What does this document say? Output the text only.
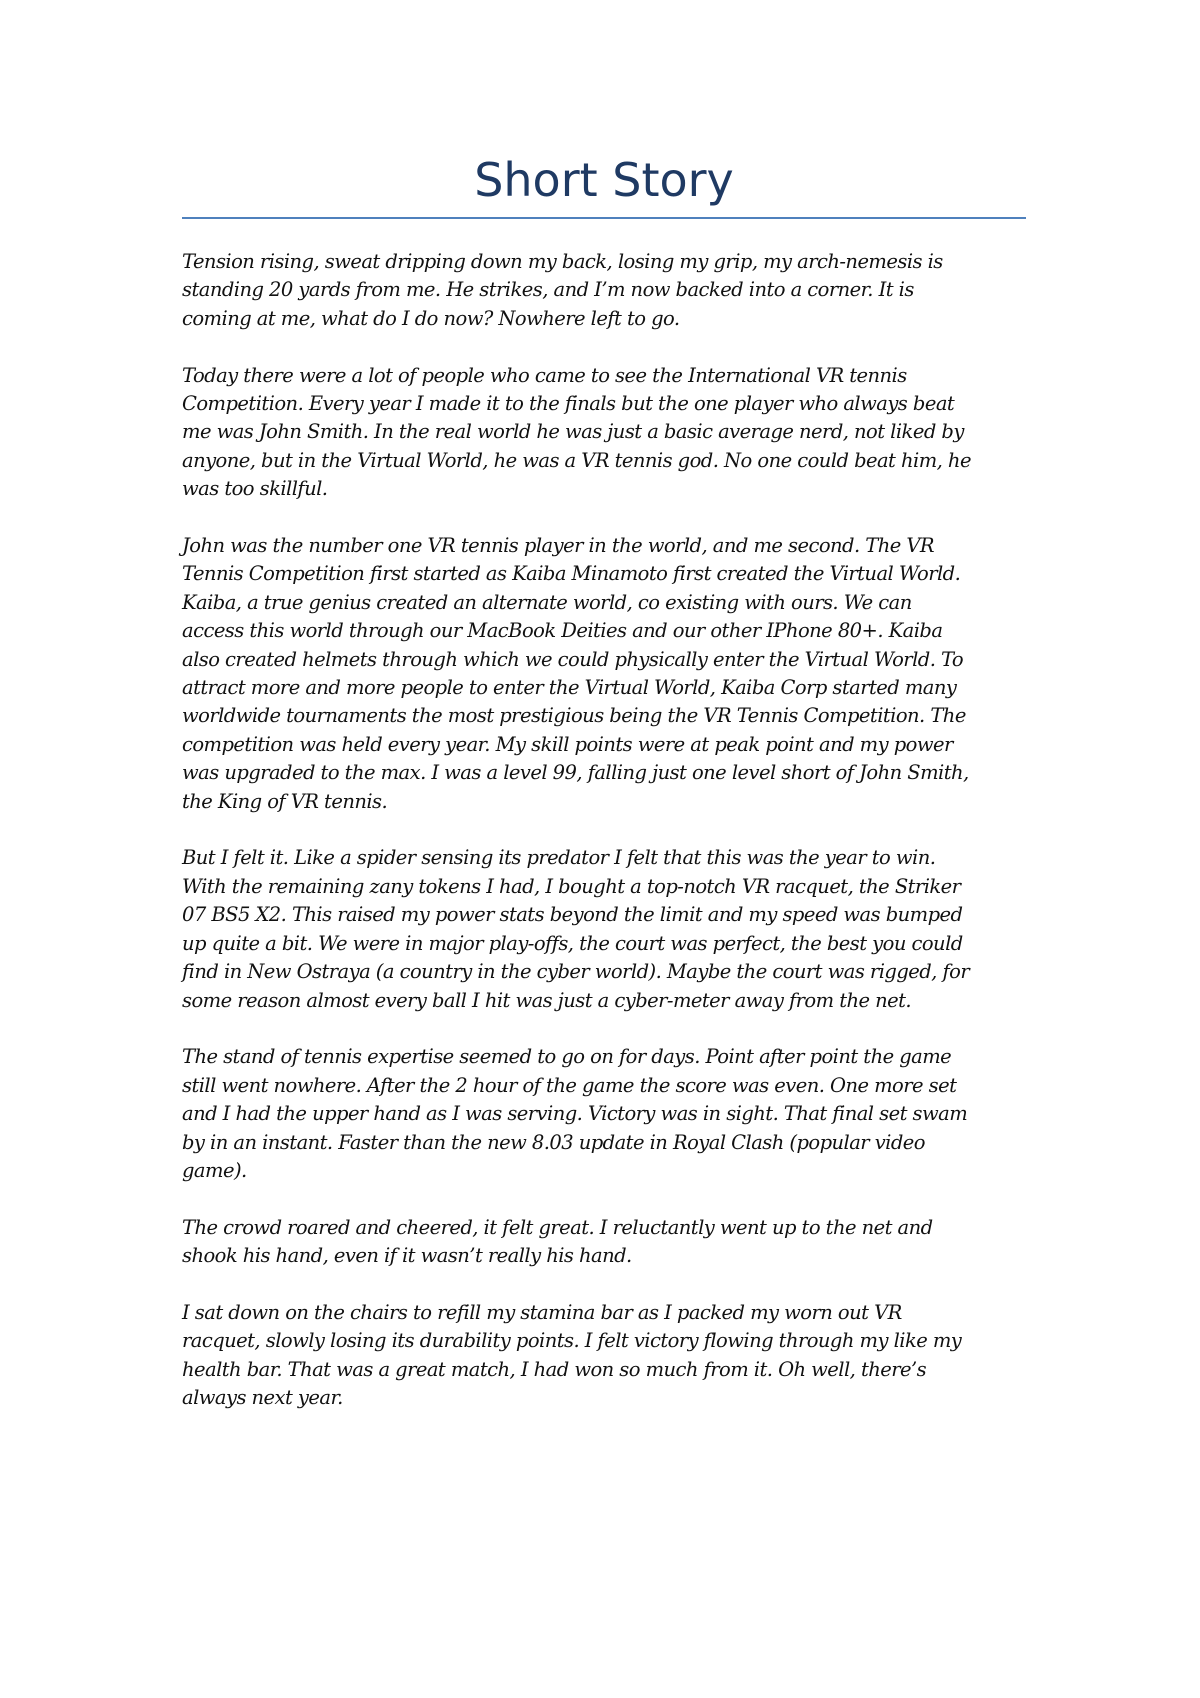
Short Story

Tension rising, sweat dripping down my back, losing my grip, my arch-nemesis is
standing 20 yards from me. He strikes, and I’m now backed into a corner. It is
coming at me, what do I do now? Nowhere left to go.

Today there were a lot of people who came to see the International VR tennis
Competition. Every year I made it to the finals but the one player who always beat
me was John Smith. In the real world he was just a basic average nerd, not liked by
anyone, but in the Virtual World, he was a VR tennis god. No one could beat him, he
was too skillful.

John was the number one VR tennis player in the world, and me second. The VR
Tennis Competition first started as Kaiba Minamoto first created the Virtual World.
Kaiba, a true genius created an alternate world, co existing with ours. We can
access this world through our MacBook Deities and our other IPhone 80+. Kaiba
also created helmets through which we could physically enter the Virtual World. To
attract more and more people to enter the Virtual World, Kaiba Corp started many
worldwide tournaments the most prestigious being the VR Tennis Competition. The
competition was held every year. My skill points were at peak point and my power
was upgraded to the max. I was a level 99, falling just one level short of John Smith,
the King of VR tennis.

But I felt it. Like a spider sensing its predator I felt that this was the year to win.
With the remaining zany tokens I had, I bought a top-notch VR racquet, the Striker
07 BS5 X2. This raised my power stats beyond the limit and my speed was bumped
up quite a bit. We were in major play-offs, the court was perfect, the best you could
find in New Ostraya (a country in the cyber world). Maybe the court was rigged, for
some reason almost every ball I hit was just a cyber-meter away from the net.

The stand of tennis expertise seemed to go on for days. Point after point the game
still went nowhere. After the 2 hour of the game the score was even. One more set
and I had the upper hand as I was serving. Victory was in sight. That final set swam
by in an instant. Faster than the new 8.03 update in Royal Clash (popular video
game).

The crowd roared and cheered, it felt great. I reluctantly went up to the net and
shook his hand, even if it wasn’t really his hand.

I sat down on the chairs to refill my stamina bar as I packed my worn out VR
racquet, slowly losing its durability points. I felt victory flowing through my like my
health bar. That was a great match, I had won so much from it. Oh well, there’s
always next year.
